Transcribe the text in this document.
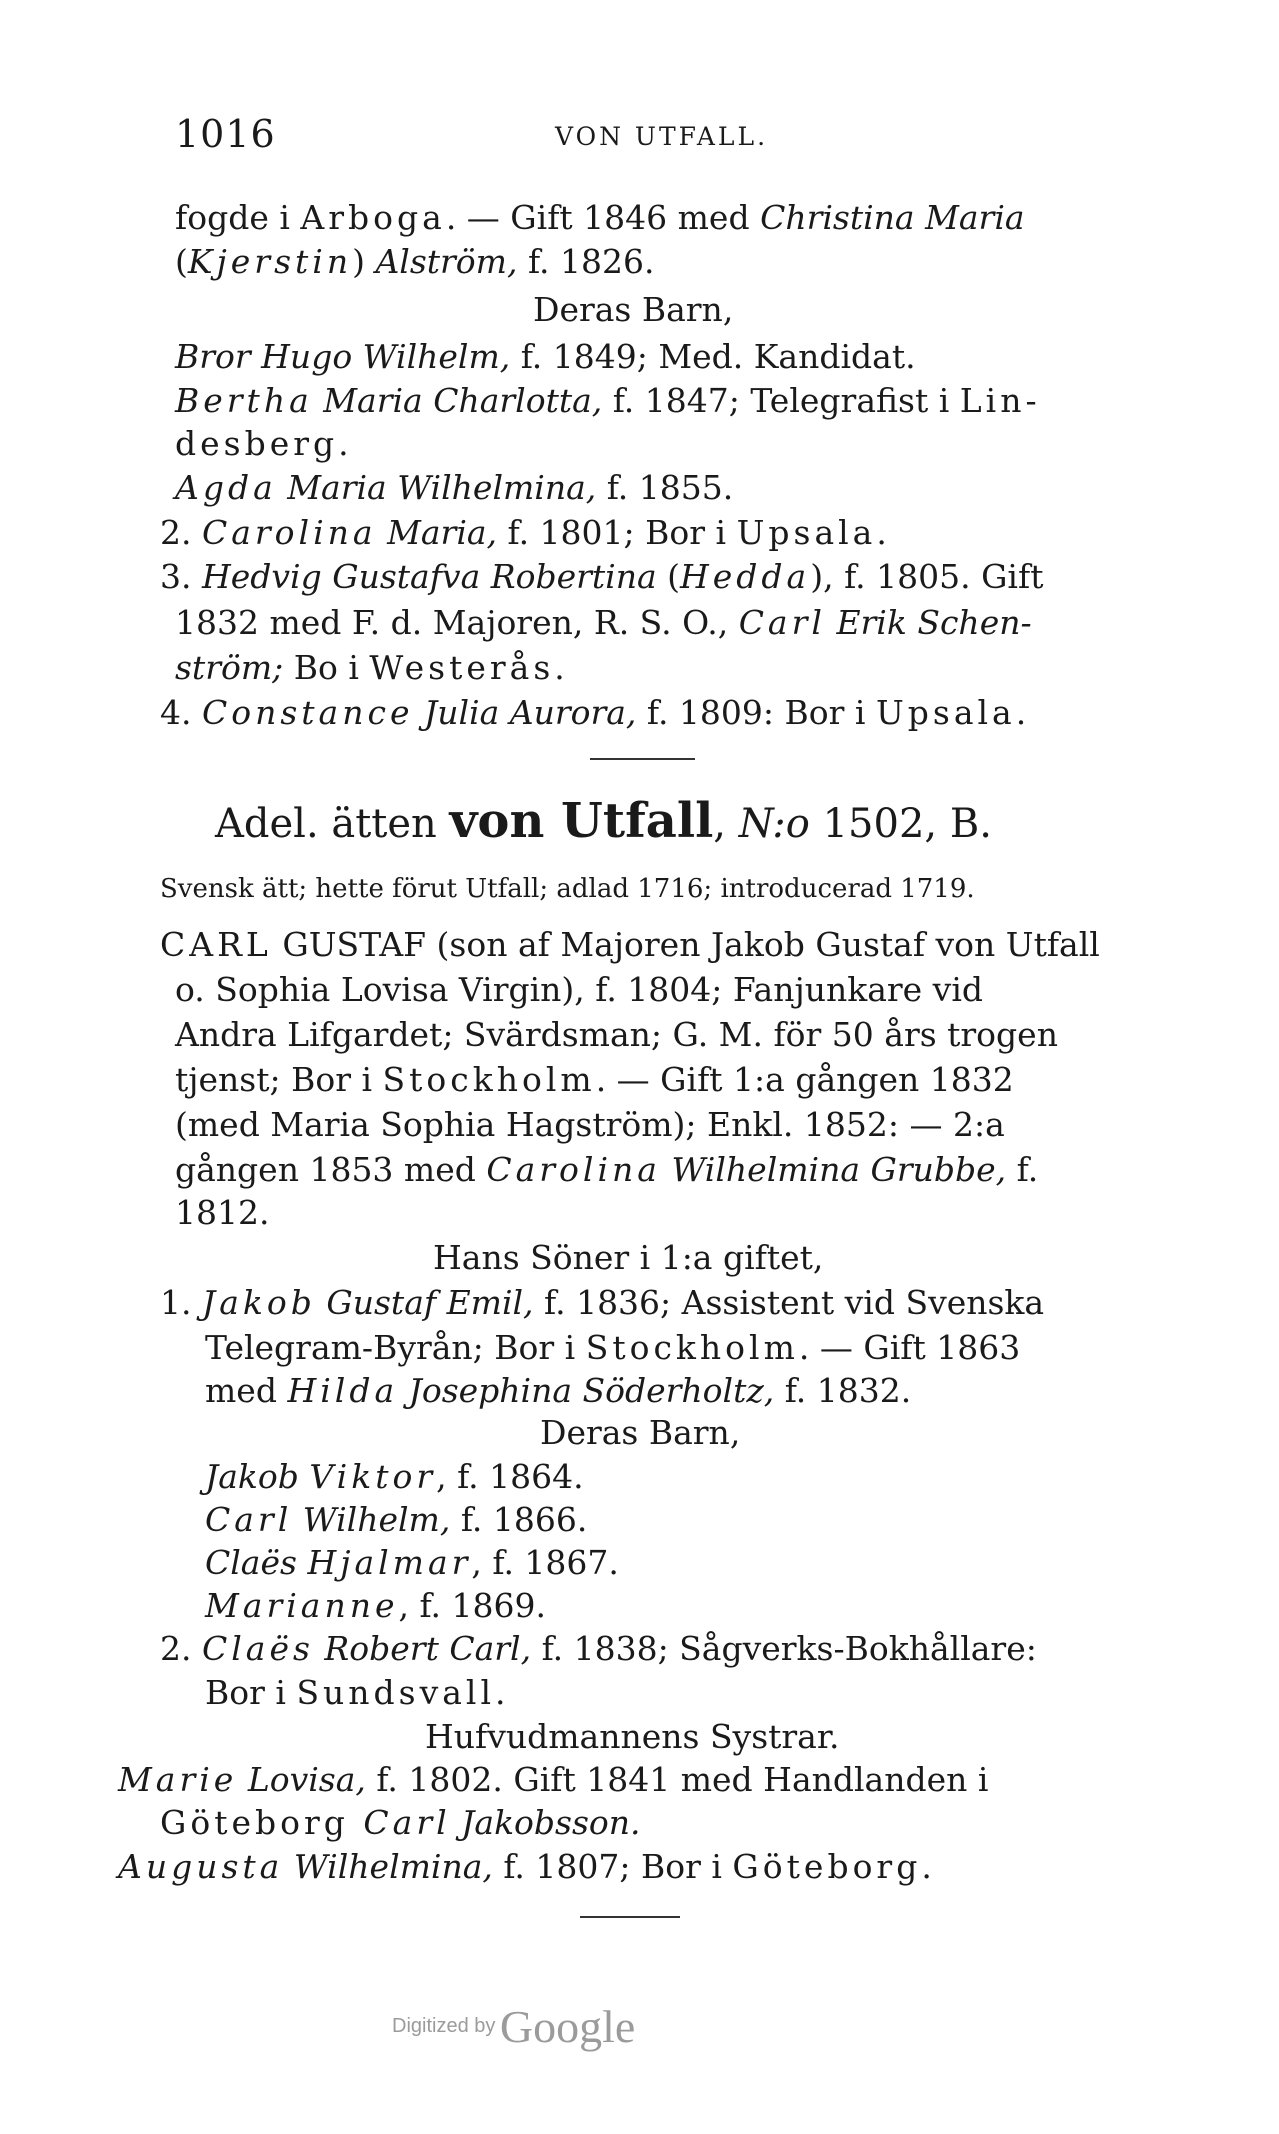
1016	VON UTFALL.
fogde i Arboga. — Gift 1846 med Christina Maria
(Kjerstin) Alström, f. 1826.
Deras Barn,
Bror Hugo Wilhelm, f. 1849; Med. Kandidat.
Bertha Maria Charlotta, f. 1847; Telegrafist i Lin-
desberg.
Agda Maria Wilhelmina, f. 1855.
2. Carolina Maria, f. 1801; Bor i Upsala.
3. Hedvig Gustafva Robertina (Hedda), f. 1805. Gift
1832 med F. d. Majoren, R. S. O., Carl Erik Schen-
ström; Bo i Westerås.
4. Constance Julia Aurora, f. 1809: Bor i Upsala.
Adel. ätten von Utfall, N:o 1502, B.
Svensk ätt; hette förut Utfall; adlad 1716; introducerad 1719.
CARL GUSTAF (son af Majoren Jakob Gustaf von Utfall
o. Sophia Lovisa Virgin), f. 1804; Fanjunkare vid
Andra Lifgardet; Svärdsman; G. M. för 50 års trogen
tjenst; Bor i Stockholm. — Gift 1:a gången 1832
(med Maria Sophia Hagström); Enkl. 1852: — 2:a
gången 1853 med Carolina Wilhelmina Grubbe, f.
1812.
Hans Söner i 1:a giftet,
1. Jakob Gustaf Emil, f. 1836; Assistent vid Svenska
Telegram-Byrån; Bor i Stockholm. — Gift 1863
med Hilda Josephina Söderholtz, f. 1832.
Deras Barn,
Jakob Viktor, f. 1864.
Carl Wilhelm, f. 1866.
Claës Hjalmar, f. 1867.
Marianne, f. 1869.
2. Claës Robert Carl, f. 1838; Sågverks-Bokhållare:
Bor i Sundsvall.
Hufvudmannens Systrar.
Marie Lovisa, f. 1802. Gift 1841 med Handlanden i
Göteborg Carl Jakobsson.
Augusta Wilhelmina, f. 1807; Bor i Göteborg.
Digitized by Google
